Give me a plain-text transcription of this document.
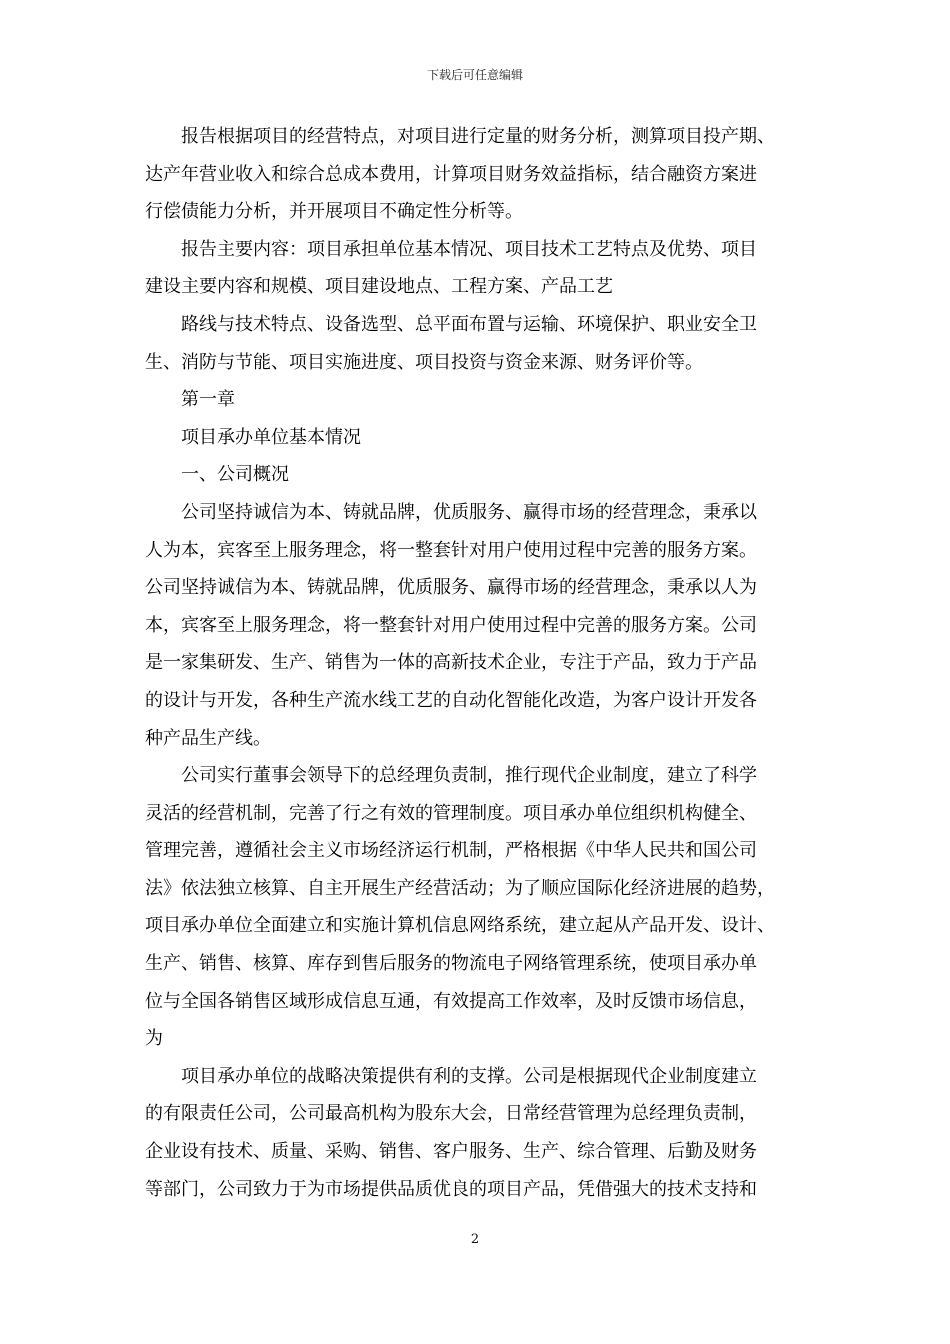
下载后可任意编辑
报告根据项目的经营特点，对项目进行定量的财务分析，测算项目投产期、
达产年营业收入和综合总成本费用，计算项目财务效益指标，结合融资方案进
行偿债能力分析，并开展项目不确定性分析等。
报告主要内容：项目承担单位基本情况、项目技术工艺特点及优势、项目
建设主要内容和规模、项目建设地点、工程方案、产品工艺
路线与技术特点、设备选型、总平面布置与运输、环境保护、职业安全卫
生、消防与节能、项目实施进度、项目投资与资金来源、财务评价等。
第一章
项目承办单位基本情况
一、公司概况
公司坚持诚信为本、铸就品牌，优质服务、赢得市场的经营理念，秉承以
人为本，宾客至上服务理念，将一整套针对用户使用过程中完善的服务方案。
公司坚持诚信为本、铸就品牌，优质服务、赢得市场的经营理念，秉承以人为
本，宾客至上服务理念，将一整套针对用户使用过程中完善的服务方案。公司
是一家集研发、生产、销售为一体的高新技术企业，专注于产品，致力于产品
的设计与开发，各种生产流水线工艺的自动化智能化改造，为客户设计开发各
种产品生产线。
公司实行董事会领导下的总经理负责制，推行现代企业制度，建立了科学
灵活的经营机制，完善了行之有效的管理制度。项目承办单位组织机构健全、
管理完善，遵循社会主义市场经济运行机制，严格根据《中华人民共和国公司
法》依法独立核算、自主开展生产经营活动；为了顺应国际化经济进展的趋势，
项目承办单位全面建立和实施计算机信息网络系统，建立起从产品开发、设计、
生产、销售、核算、库存到售后服务的物流电子网络管理系统，使项目承办单
位与全国各销售区域形成信息互通，有效提高工作效率，及时反馈市场信息，
为
项目承办单位的战略决策提供有利的支撑。公司是根据现代企业制度建立
的有限责任公司，公司最高机构为股东大会，日常经营管理为总经理负责制，
企业设有技术、质量、采购、销售、客户服务、生产、综合管理、后勤及财务
等部门，公司致力于为市场提供品质优良的项目产品，凭借强大的技术支持和
2
